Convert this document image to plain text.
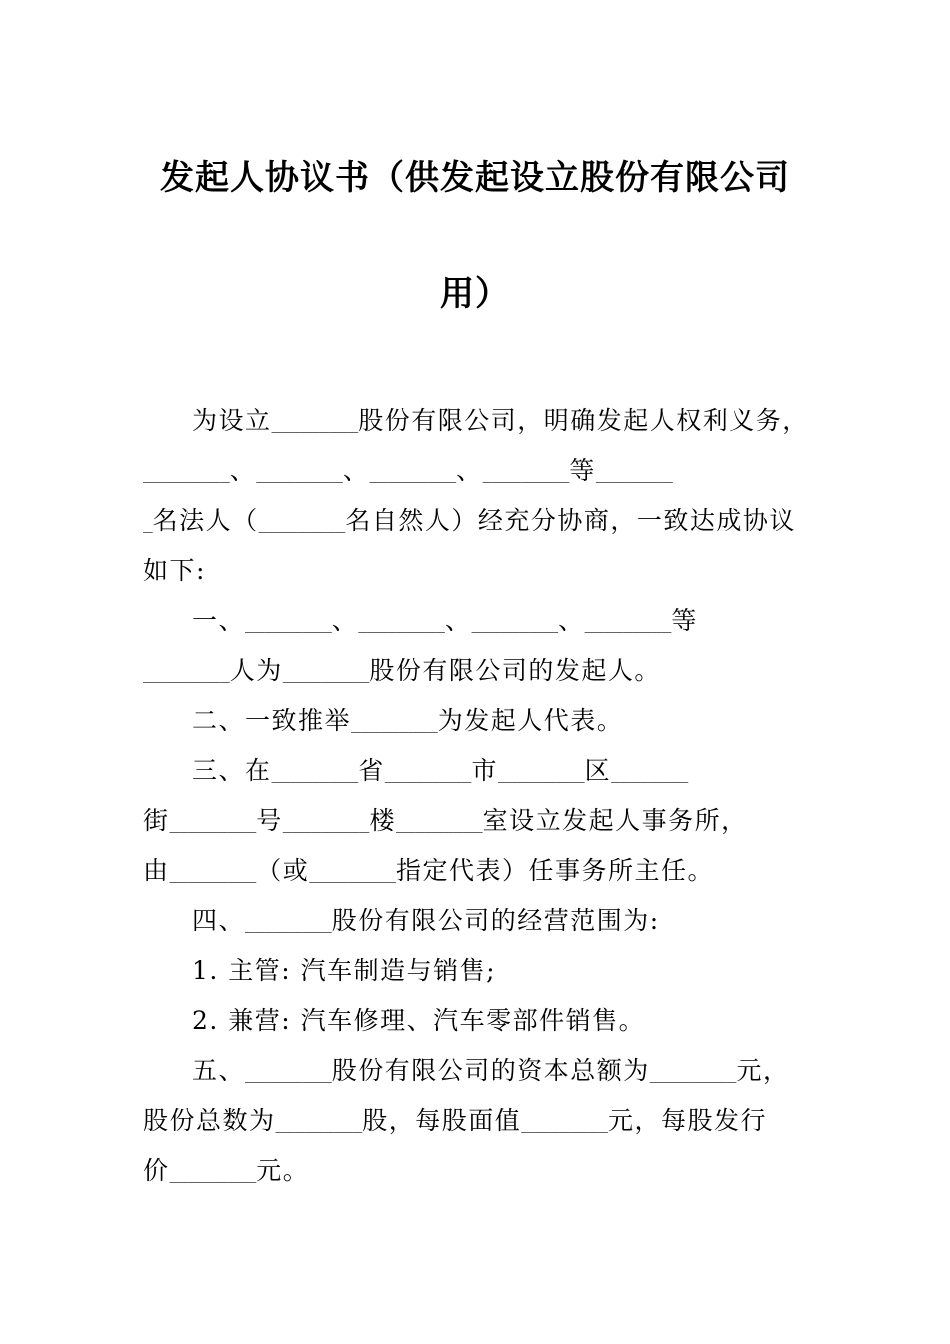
发起人协议书（供发起设立股份有限公司
用）
为设立_________股份有限公司，明确发起人权利义务，
_________、_________、_________、_________等________
_名法人（_________名自然人）经充分协商，一致达成协议
如下:
一、_________、_________、_________、_________等
_________人为_________股份有限公司的发起人。
二、一致推举_________为发起人代表。
三、在_________省_________市_________区________
街_________号_________楼_________室设立发起人事务所，
由_________（或_________指定代表）任事务所主任。
四、_________股份有限公司的经营范围为:
1. 主管: 汽车制造与销售;
2. 兼营: 汽车修理、汽车零部件销售。
五、_________股份有限公司的资本总额为_________元，
股份总数为_________股，每股面值_________元，每股发行
价_________元。
